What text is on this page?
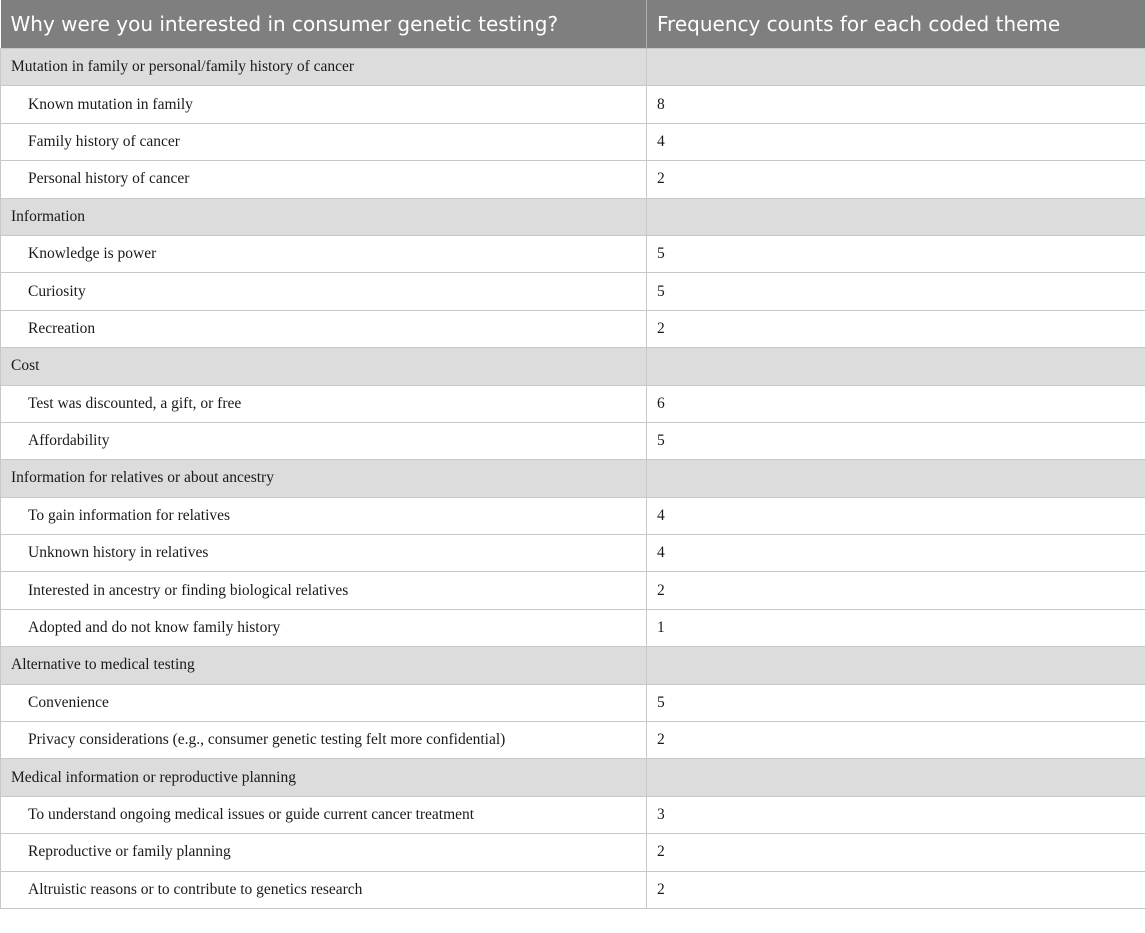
Why were you interested in consumer genetic testing?	Frequency counts for each coded theme
Mutation in family or personal/family history of cancer	
Known mutation in family	8
Family history of cancer	4
Personal history of cancer	2
Information	
Knowledge is power	5
Curiosity	5
Recreation	2
Cost	
Test was discounted, a gift, or free	6
Affordability	5
Information for relatives or about ancestry	
To gain information for relatives	4
Unknown history in relatives	4
Interested in ancestry or finding biological relatives	2
Adopted and do not know family history	1
Alternative to medical testing	
Convenience	5
Privacy considerations (e.g., consumer genetic testing felt more confidential)	2
Medical information or reproductive planning	
To understand ongoing medical issues or guide current cancer treatment	3
Reproductive or family planning	2
Altruistic reasons or to contribute to genetics research	2
